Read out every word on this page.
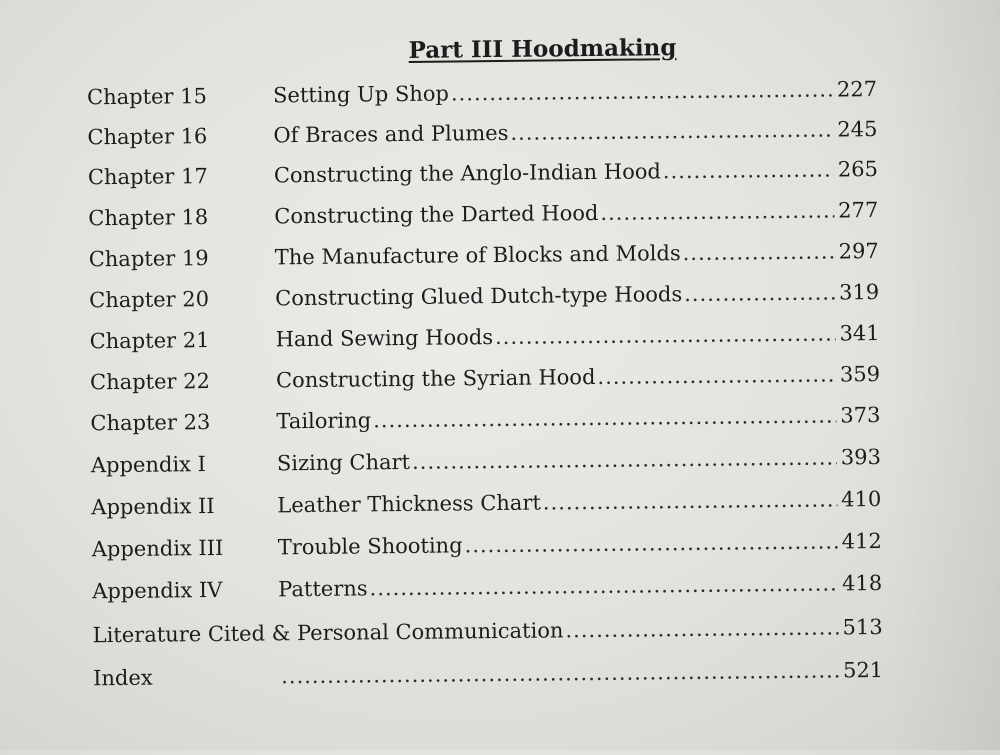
Part III Hoodmaking
Chapter 15	Setting Up Shop .....	227
Chapter 16	Of Braces and Plumes .....	245
Chapter 17	Constructing the Anglo-Indian Hood .....	265
Chapter 18	Constructing the Darted Hood .....	277
Chapter 19	The Manufacture of Blocks and Molds .....	297
Chapter 20	Constructing Glued Dutch-type Hoods .....	319
Chapter 21	Hand Sewing Hoods .....	341
Chapter 22	Constructing the Syrian Hood .....	359
Chapter 23	Tailoring .....	373
Appendix I	Sizing Chart .....	393
Appendix II	Leather Thickness Chart .....	410
Appendix III	Trouble Shooting .....	412
Appendix IV	Patterns .....	418
Literature Cited & Personal Communication .....	513
Index .....	521
